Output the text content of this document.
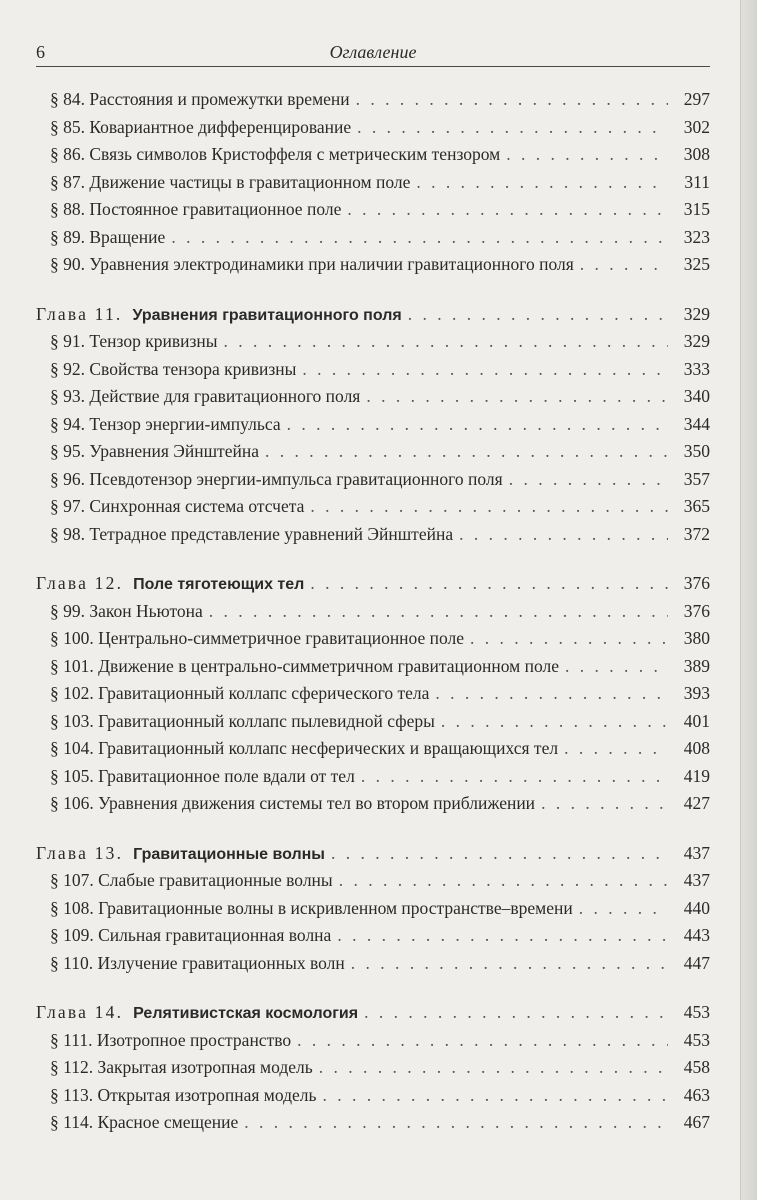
6	Оглавление
§ 84. Расстояния и промежутки времени . . .	297
§ 85. Ковариантное дифференцирование . . .	302
§ 86. Связь символов Кристоффеля с метрическим тензором . . .	308
§ 87. Движение частицы в гравитационном поле . . .	311
§ 88. Постоянное гравитационное поле . . .	315
§ 89. Вращение . . .	323
§ 90. Уравнения электродинамики при наличии гравитационного поля . . .	325
Глава 11. Уравнения гравитационного поля . . .	329
§ 91. Тензор кривизны . . .	329
§ 92. Свойства тензора кривизны . . .	333
§ 93. Действие для гравитационного поля . . .	340
§ 94. Тензор энергии-импульса . . .	344
§ 95. Уравнения Эйнштейна . . .	350
§ 96. Псевдотензор энергии-импульса гравитационного поля . . .	357
§ 97. Синхронная система отсчета . . .	365
§ 98. Тетрадное представление уравнений Эйнштейна . . .	372
Глава 12. Поле тяготеющих тел . . .	376
§ 99. Закон Ньютона . . .	376
§ 100. Центрально-симметричное гравитационное поле . . .	380
§ 101. Движение в центрально-симметричном гравитационном поле . . .	389
§ 102. Гравитационный коллапс сферического тела . . .	393
§ 103. Гравитационный коллапс пылевидной сферы . . .	401
§ 104. Гравитационный коллапс несферических и вращающихся тел . . .	408
§ 105. Гравитационное поле вдали от тел . . .	419
§ 106. Уравнения движения системы тел во втором приближении . . .	427
Глава 13. Гравитационные волны . . .	437
§ 107. Слабые гравитационные волны . . .	437
§ 108. Гравитационные волны в искривленном пространстве–времени . . .	440
§ 109. Сильная гравитационная волна . . .	443
§ 110. Излучение гравитационных волн . . .	447
Глава 14. Релятивистская космология . . .	453
§ 111. Изотропное пространство . . .	453
§ 112. Закрытая изотропная модель . . .	458
§ 113. Открытая изотропная модель . . .	463
§ 114. Красное смещение . . .	467
